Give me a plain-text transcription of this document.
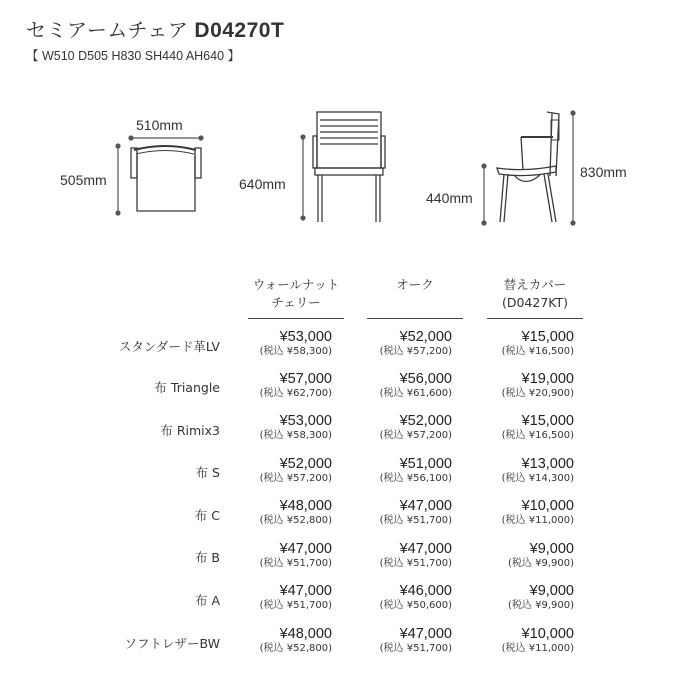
セミアームチェア D04270T
【 W510 D505 H830 SH440 AH640 】
510mm
505mm	640mm
440mm
830mm
ウォールナット
チェリー
オーク	替えカバー
(D0427KT)
スタンダード革LV
¥53,000
(税込 ¥58,300)
¥52,000
(税込 ¥57,200)
¥15,000
(税込 ¥16,500)
布 Triangle
¥57,000
(税込 ¥62,700)
¥56,000
(税込 ¥61,600)
¥19,000
(税込 ¥20,900)
布 Rimix3
¥53,000
(税込 ¥58,300)
¥52,000
(税込 ¥57,200)
¥15,000
(税込 ¥16,500)
布 S
¥52,000
(税込 ¥57,200)
¥51,000
(税込 ¥56,100)
¥13,000
(税込 ¥14,300)
布 C
¥48,000
(税込 ¥52,800)
¥47,000
(税込 ¥51,700)
¥10,000
(税込 ¥11,000)
布 B
¥47,000
(税込 ¥51,700)
¥47,000
(税込 ¥51,700)
¥9,000
(税込 ¥9,900)
布 A
¥47,000
(税込 ¥51,700)
¥46,000
(税込 ¥50,600)
¥9,000
(税込 ¥9,900)
ソフトレザーBW
¥48,000
(税込 ¥52,800)
¥47,000
(税込 ¥51,700)
¥10,000
(税込 ¥11,000)
